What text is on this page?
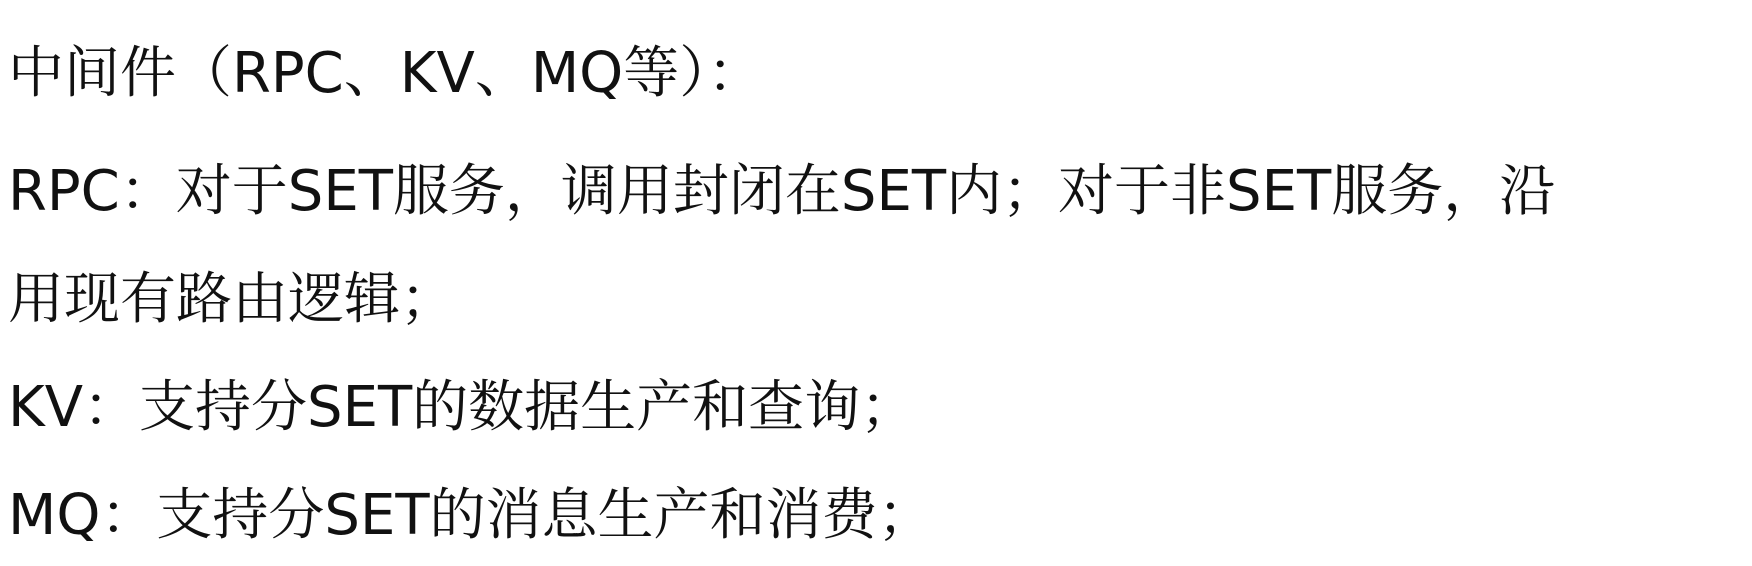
中间件（RPC、KV、MQ等）：
RPC：对于SET服务，调用封闭在SET内；对于非SET服务，沿
用现有路由逻辑；
KV：支持分SET的数据生产和查询；
MQ：支持分SET的消息生产和消费；
